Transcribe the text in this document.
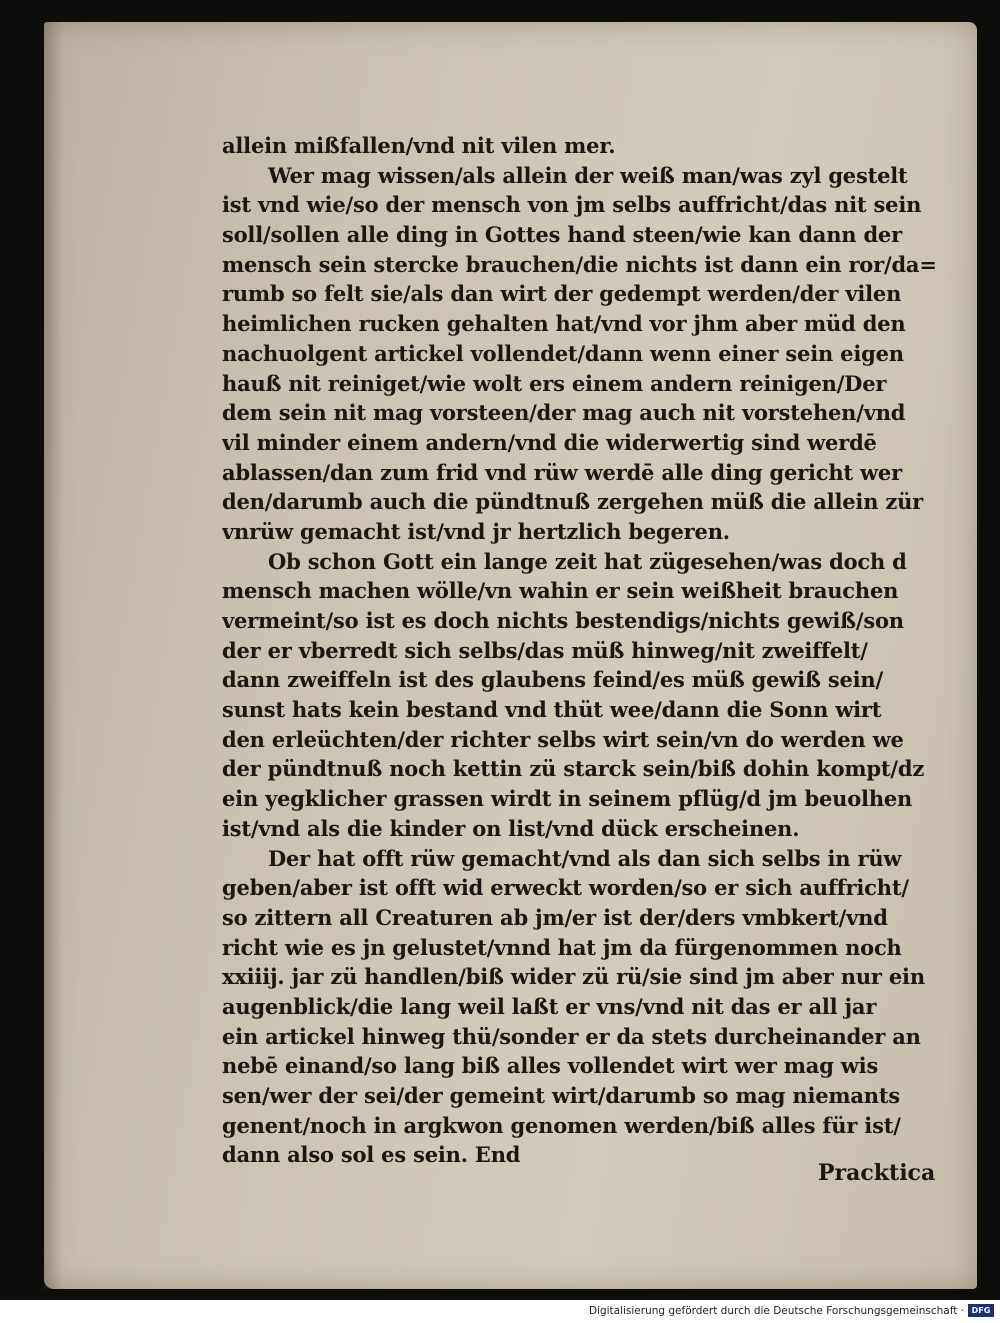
allein mißfallen/vnd nit vilen mer.
Wer mag wissen/als allein der weiß man/was zyl gestelt
ist vnd wie/so der mensch von jm selbs auffricht/das nit sein
soll/sollen alle ding in Gottes hand steen/wie kan dann der
mensch sein stercke brauchen/die nichts ist dann ein ror/da=
rumb so felt sie/als dan wirt der gedempt werden/der vilen
heimlichen rucken gehalten hat/vnd vor jhm aber müd den
nachuolgent artickel vollendet/dann wenn einer sein eigen
hauß nit reiniget/wie wolt ers einem andern reinigen/Der
dem sein nit mag vorsteen/der mag auch nit vorstehen/vnd
vil minder einem andern/vnd die widerwertig sind werdē
ablassen/dan zum frid vnd rüw werdē alle ding gericht wer
den/darumb auch die pündtnuß zergehen müß die allein zür
vnrüw gemacht ist/vnd jr hertzlich begeren.
Ob schon Gott ein lange zeit hat zügesehen/was doch d
mensch machen wölle/vn wahin er sein weißheit brauchen
vermeint/so ist es doch nichts bestendigs/nichts gewiß/son
der er vberredt sich selbs/das müß hinweg/nit zweiffelt/
dann zweiffeln ist des glaubens feind/es müß gewiß sein/
sunst hats kein bestand vnd thüt wee/dann die Sonn wirt
den erleüchten/der richter selbs wirt sein/vn do werden we
der pündtnuß noch kettin zü starck sein/biß dohin kompt/dz
ein yegklicher grassen wirdt in seinem pflüg/d jm beuolhen
ist/vnd als die kinder on list/vnd dück erscheinen.
Der hat offt rüw gemacht/vnd als dan sich selbs in rüw
geben/aber ist offt wid erweckt worden/so er sich auffricht/
so zittern all Creaturen ab jm/er ist der/ders vmbkert/vnd
richt wie es jn gelustet/vnnd hat jm da fürgenommen noch
xxiiij. jar zü handlen/biß wider zü rü/sie sind jm aber nur ein
augenblick/die lang weil laßt er vns/vnd nit das er all jar
ein artickel hinweg thü/sonder er da stets durcheinander an
nebē einand/so lang biß alles vollendet wirt wer mag wis
sen/wer der sei/der gemeint wirt/darumb so mag niemants
genent/noch in argkwon genomen werden/biß alles für ist/
dann also sol es sein. End
Pracktica
Digitalisierung gefördert durch die Deutsche Forschungsgemeinschaft · DFG
